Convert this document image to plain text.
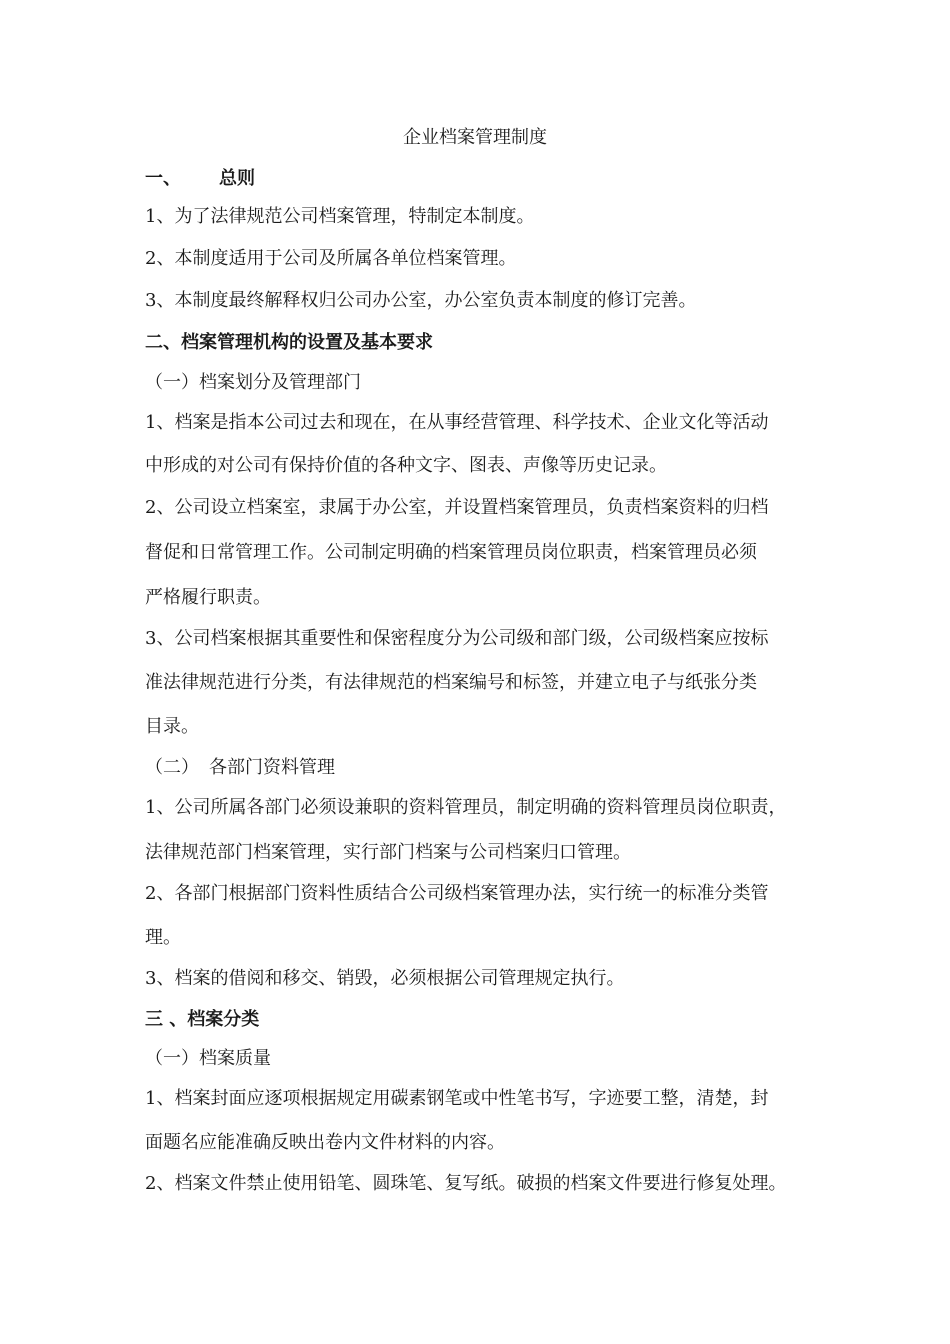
企业档案管理制度
一、 总则
1、为了法律规范公司档案管理，特制定本制度。
2、本制度适用于公司及所属各单位档案管理。
3、本制度最终解释权归公司办公室，办公室负责本制度的修订完善。
二、档案管理机构的设置及基本要求
（一）档案划分及管理部门
1、档案是指本公司过去和现在，在从事经营管理、科学技术、企业文化等活动
中形成的对公司有保持价值的各种文字、图表、声像等历史记录。
2、公司设立档案室，隶属于办公室，并设置档案管理员，负责档案资料的归档
督促和日常管理工作。公司制定明确的档案管理员岗位职责，档案管理员必须
严格履行职责。
3、公司档案根据其重要性和保密程度分为公司级和部门级，公司级档案应按标
准法律规范进行分类，有法律规范的档案编号和标签，并建立电子与纸张分类
目录。
（二） 各部门资料管理
1、公司所属各部门必须设兼职的资料管理员，制定明确的资料管理员岗位职责，
法律规范部门档案管理，实行部门档案与公司档案归口管理。
2、各部门根据部门资料性质结合公司级档案管理办法，实行统一的标准分类管
理。
3、档案的借阅和移交、销毁，必须根据公司管理规定执行。
三 、档案分类
（一）档案质量
1、档案封面应逐项根据规定用碳素钢笔或中性笔书写，字迹要工整，清楚，封
面题名应能准确反映出卷内文件材料的内容。
2、档案文件禁止使用铅笔、圆珠笔、复写纸。破损的档案文件要进行修复处理。
